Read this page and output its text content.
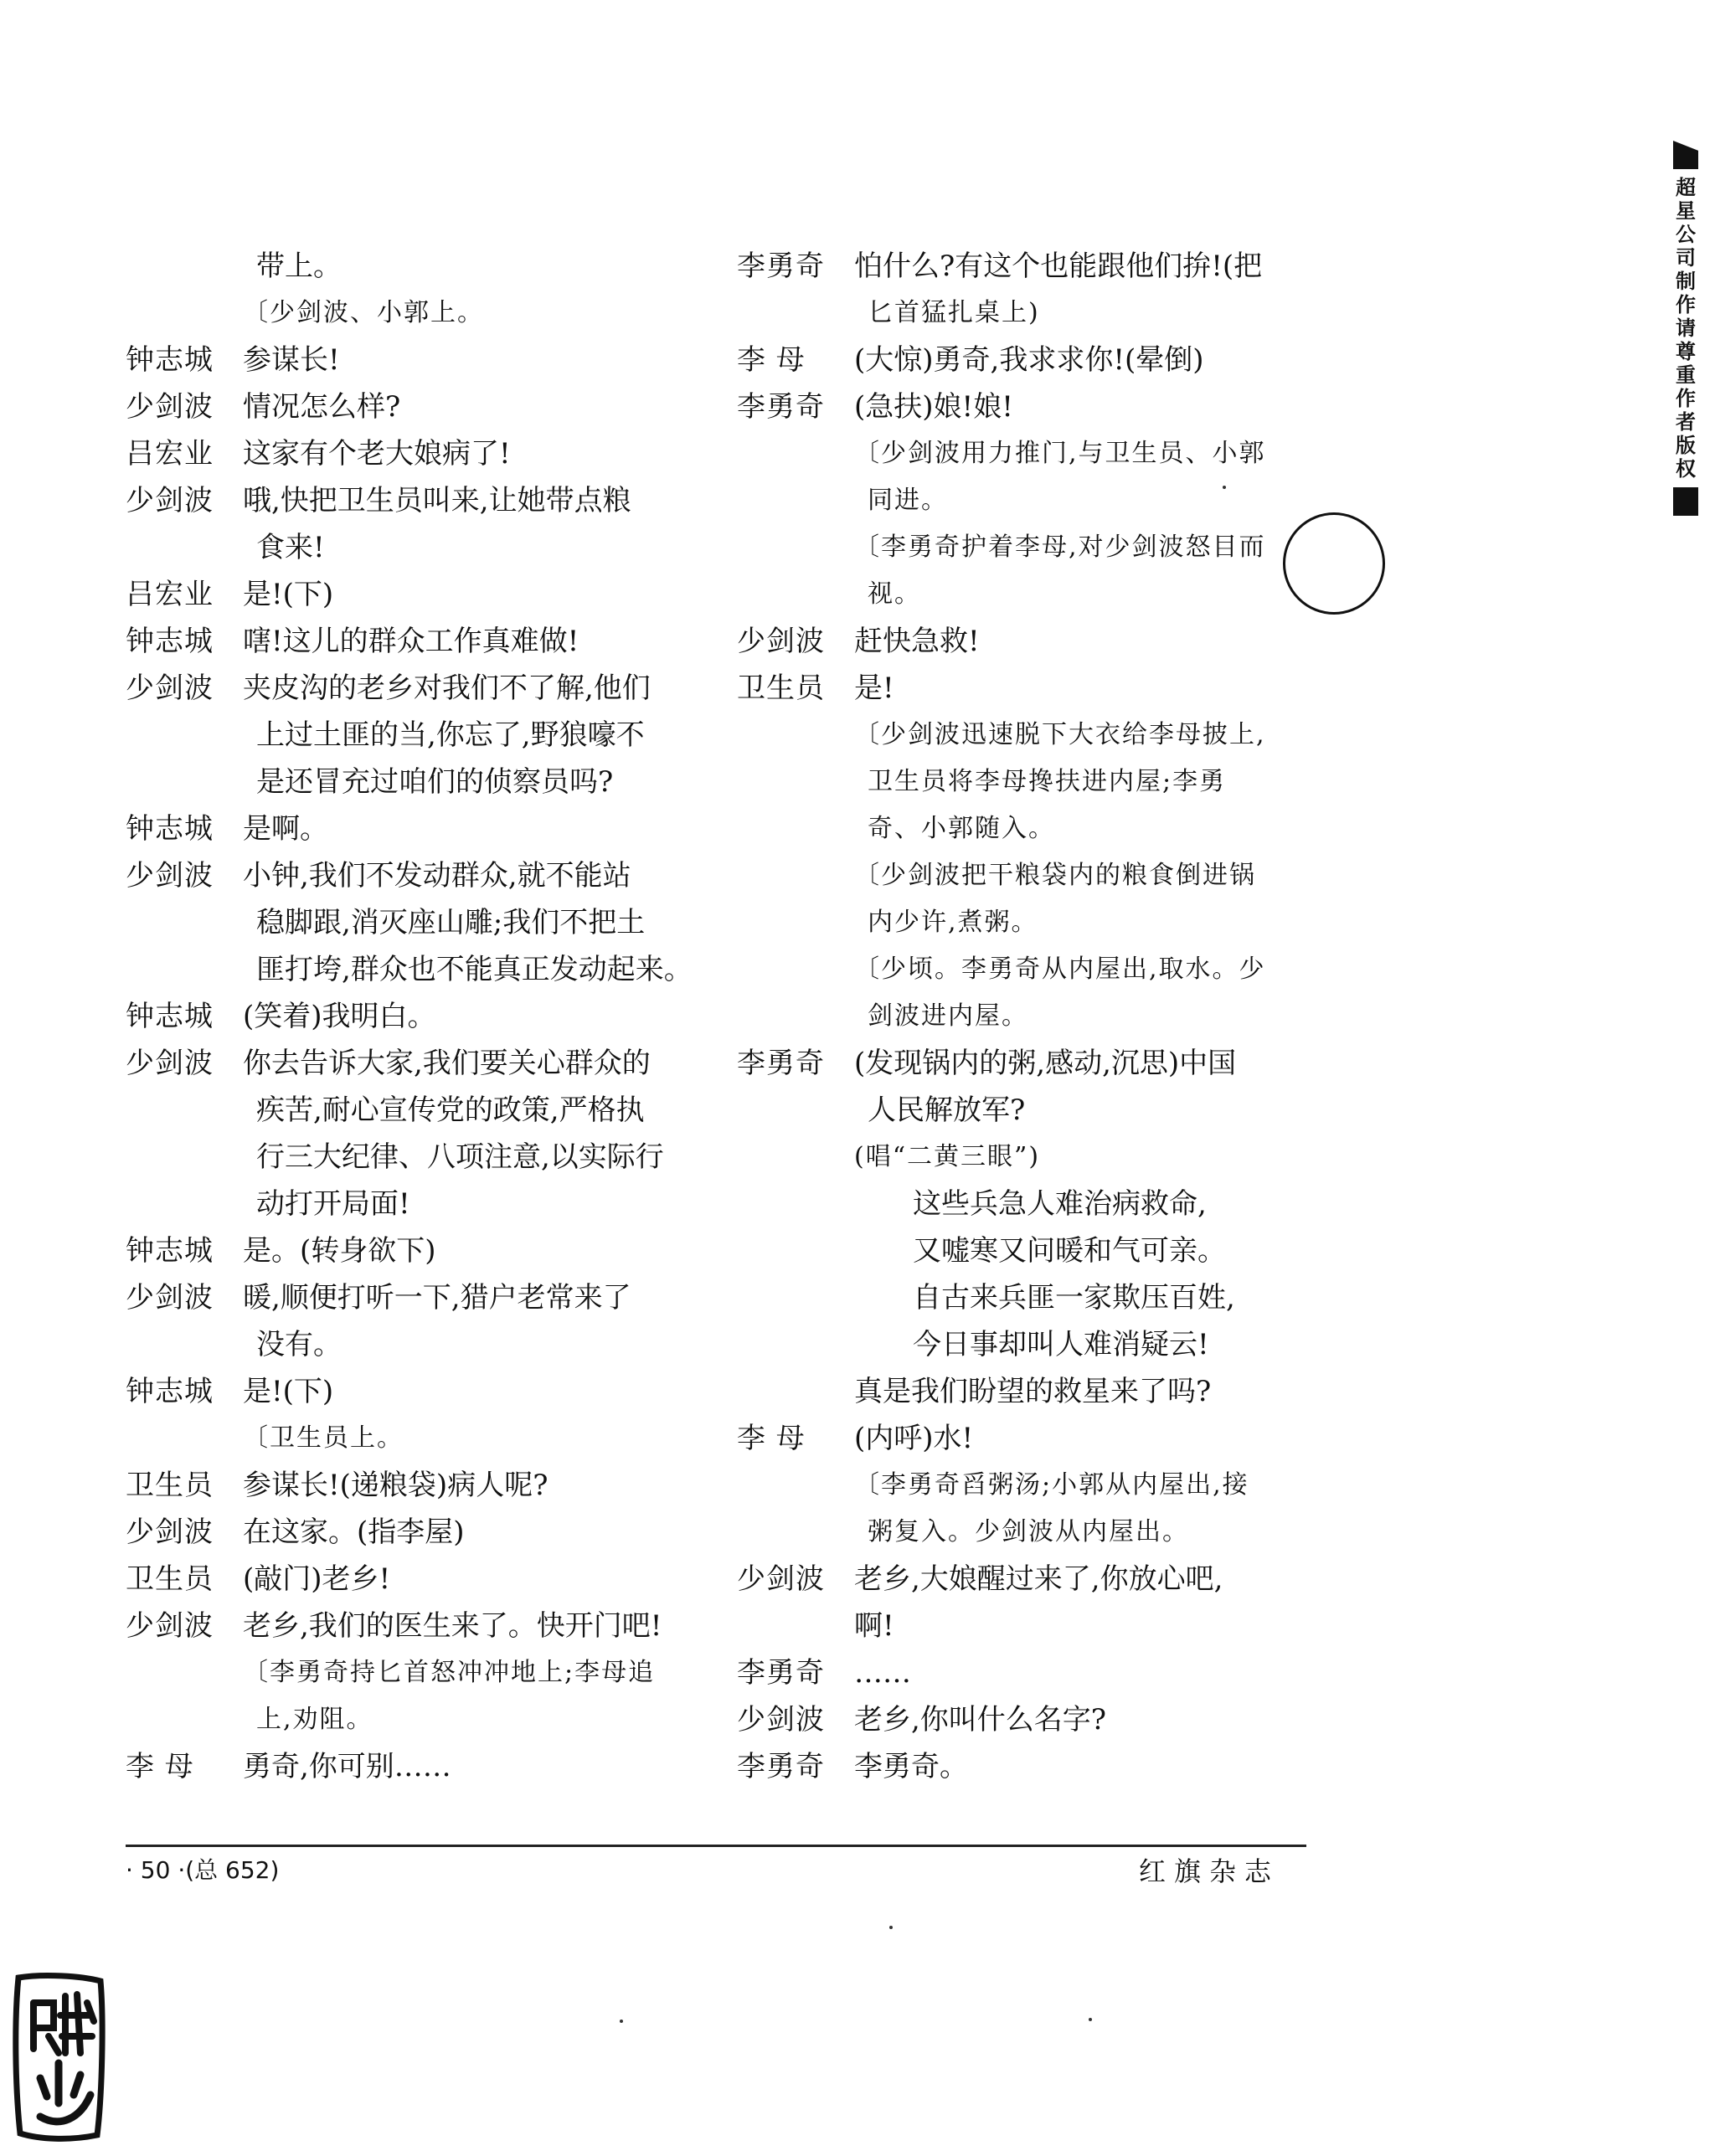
超
星
公
司
制
作
请
尊
重
作
者
版
权
带上。
〔少剑波、小郭上。
钟志城	参谋长!
少剑波	情况怎么样?
吕宏业	这家有个老大娘病了!
少剑波	哦,快把卫生员叫来,让她带点粮
食来!
吕宏业	是!(下)
钟志城	嗐!这儿的群众工作真难做!
少剑波	夹皮沟的老乡对我们不了解,他们
上过土匪的当,你忘了,野狼嚎不
是还冒充过咱们的侦察员吗?
钟志城	是啊。
少剑波	小钟,我们不发动群众,就不能站
稳脚跟,消灭座山雕;我们不把土
匪打垮,群众也不能真正发动起来。
钟志城	(笑着)我明白。
少剑波	你去告诉大家,我们要关心群众的
疾苦,耐心宣传党的政策,严格执
行三大纪律、八项注意,以实际行
动打开局面!
钟志城	是。(转身欲下)
少剑波	暖,顺便打听一下,猎户老常来了
没有。
钟志城	是!(下)
〔卫生员上。
卫生员	参谋长!(递粮袋)病人呢?
少剑波	在这家。(指李屋)
卫生员	(敲门)老乡!
少剑波	老乡,我们的医生来了。快开门吧!
〔李勇奇持匕首怒冲冲地上;李母追
上,劝阻。
李 母	勇奇,你可别……
李勇奇	怕什么?有这个也能跟他们拚!(把
匕首猛扎桌上)
李 母	(大惊)勇奇,我求求你!(晕倒)
李勇奇	(急扶)娘!娘!
〔少剑波用力推门,与卫生员、小郭
同进。
〔李勇奇护着李母,对少剑波怒目而
视。
少剑波	赶快急救!
卫生员	是!
〔少剑波迅速脱下大衣给李母披上,
卫生员将李母搀扶进内屋;李勇
奇、小郭随入。
〔少剑波把干粮袋内的粮食倒进锅
内少许,煮粥。
〔少顷。李勇奇从内屋出,取水。少
剑波进内屋。
李勇奇	(发现锅内的粥,感动,沉思)中国
人民解放军?
(唱“二黄三眼”)
这些兵急人难治病救命,
又嘘寒又问暖和气可亲。
自古来兵匪一家欺压百姓,
今日事却叫人难消疑云!
真是我们盼望的救星来了吗?
李 母	(内呼)水!
〔李勇奇舀粥汤;小郭从内屋出,接
粥复入。少剑波从内屋出。
少剑波	老乡,大娘醒过来了,你放心吧,
啊!
李勇奇	……
少剑波	老乡,你叫什么名字?
李勇奇	李勇奇。
· 50 ·(总 652)	红旗杂志
